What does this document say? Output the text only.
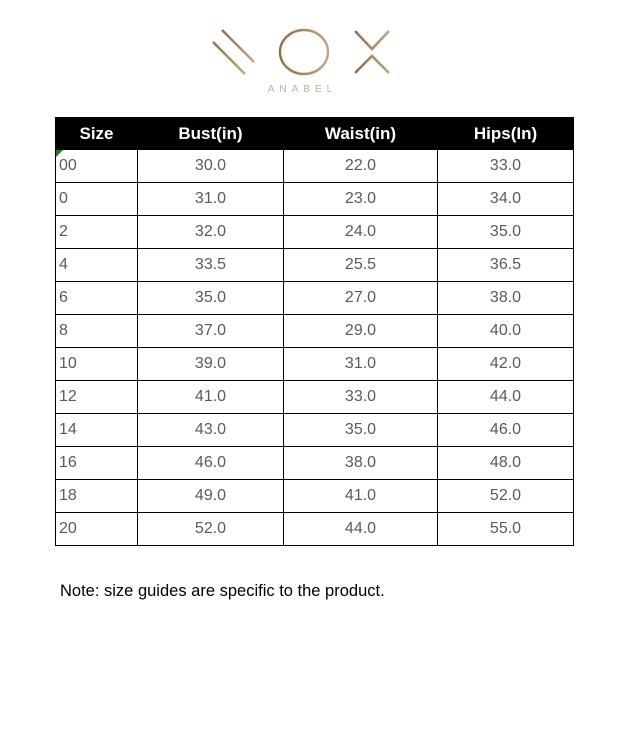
ANABEL
Size	Bust(in)	Waist(in)	Hips(In)

00	30.0	22.0	33.0
0	31.0	23.0	34.0
2	32.0	24.0	35.0
4	33.5	25.5	36.5
6	35.0	27.0	38.0
8	37.0	29.0	40.0
10	39.0	31.0	42.0
12	41.0	33.0	44.0
14	43.0	35.0	46.0
16	46.0	38.0	48.0
18	49.0	41.0	52.0
20	52.0	44.0	55.0
Note: size guides are specific to the product.
